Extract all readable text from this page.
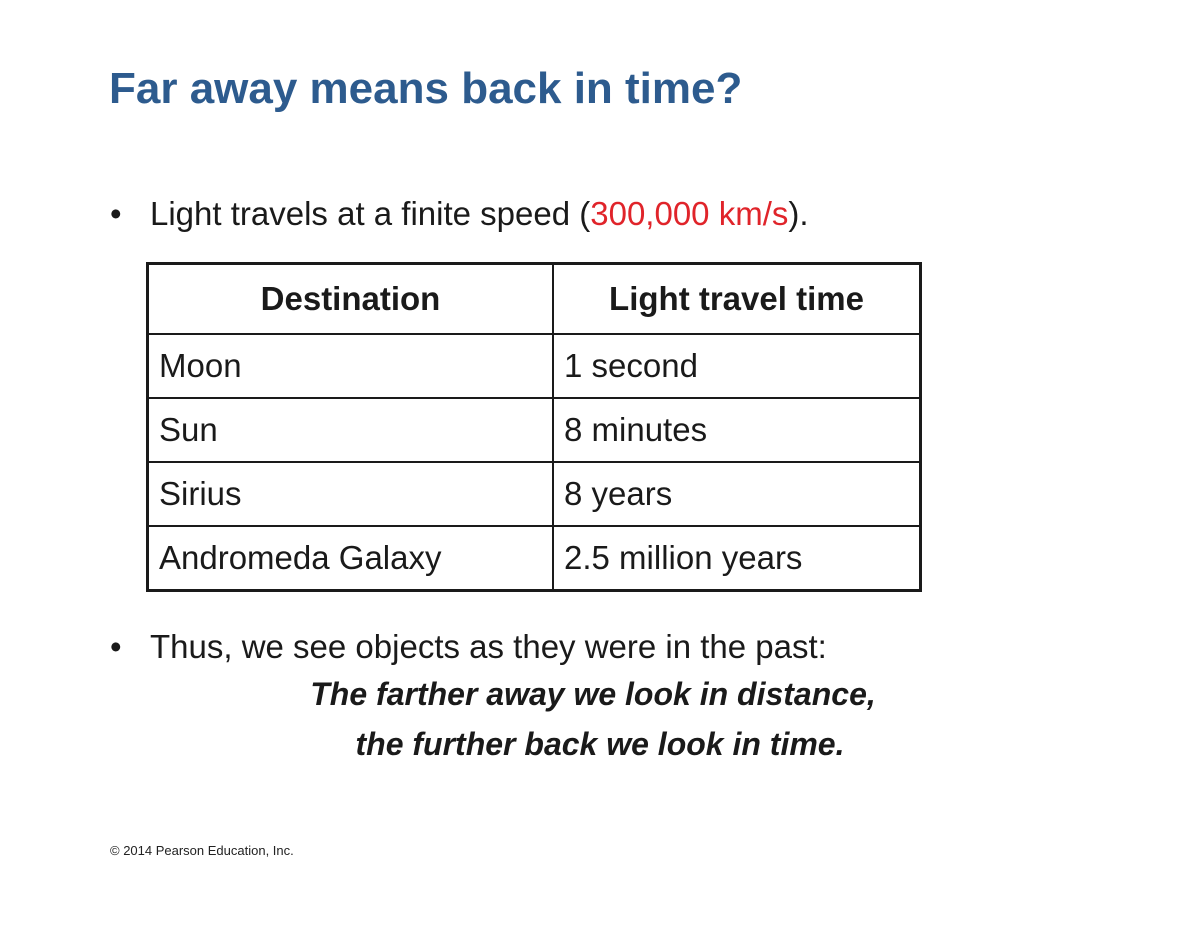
Far away means back in time?
• Light travels at a finite speed (300,000 km/s).
Destination	Light travel time
Moon	1 second
Sun	8 minutes
Sirius	8 years
Andromeda Galaxy	2.5 million years
• Thus, we see objects as they were in the past:
The farther away we look in distance,
the further back we look in time.
© 2014 Pearson Education, Inc.
